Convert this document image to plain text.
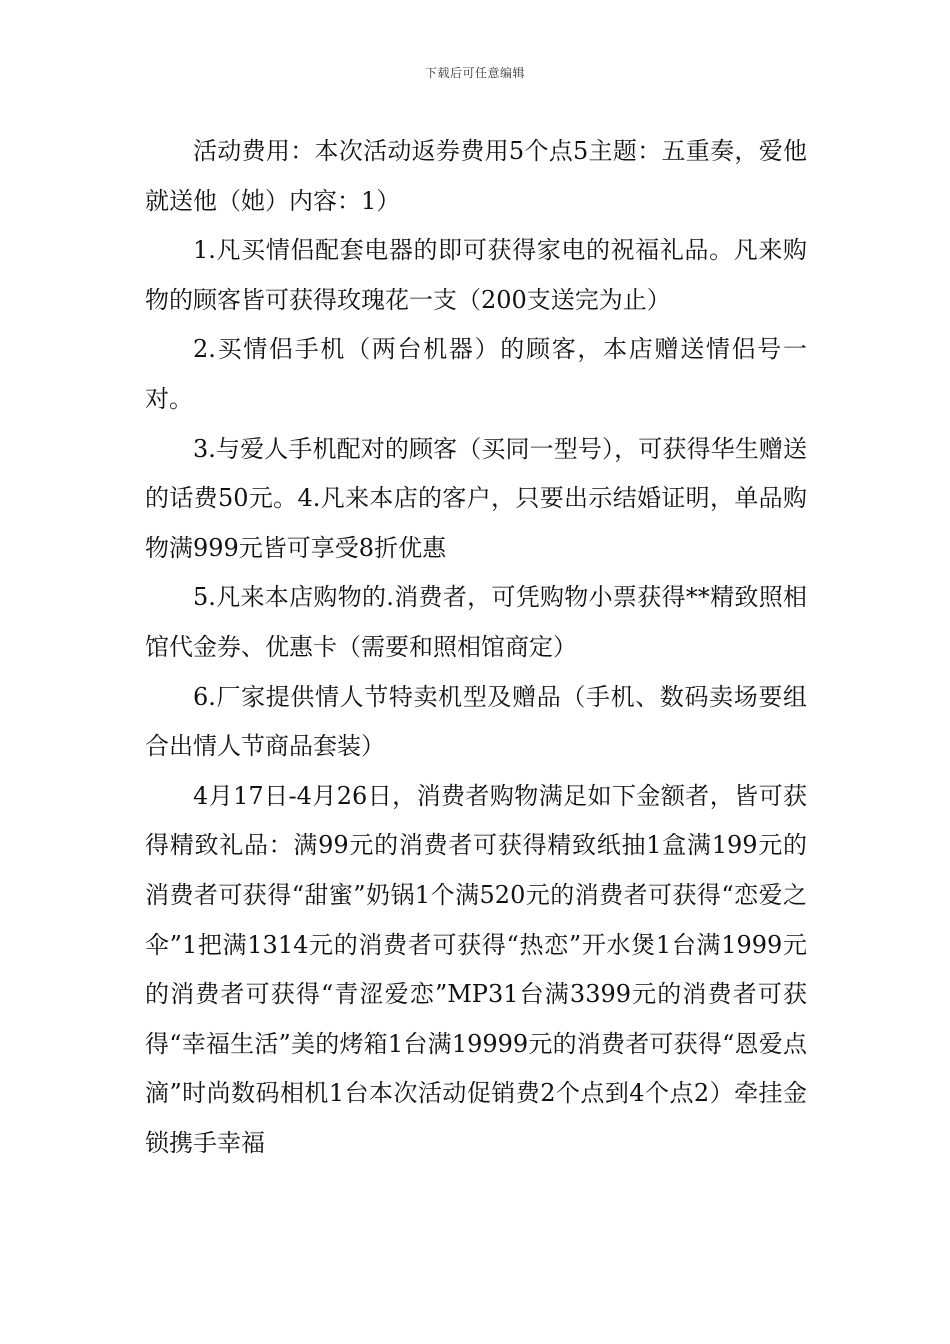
下载后可任意编辑

活动费用：本次活动返券费用5个点5主题：五重奏，爱他就送他（她）内容：1）

1.凡买情侣配套电器的即可获得家电的祝福礼品。凡来购物的顾客皆可获得玫瑰花一支（200支送完为止）

2.买情侣手机（两台机器）的顾客，本店赠送情侣号一对。

3.与爱人手机配对的顾客（买同一型号），可获得华生赠送的话费50元。4.凡来本店的客户，只要出示结婚证明，单品购物满999元皆可享受8折优惠

5.凡来本店购物的.消费者，可凭购物小票获得**精致照相馆代金券、优惠卡（需要和照相馆商定）

6.厂家提供情人节特卖机型及赠品（手机、数码卖场要组合出情人节商品套装）

4月17日-4月26日，消费者购物满足如下金额者，皆可获得精致礼品：满99元的消费者可获得精致纸抽1盒满199元的消费者可获得“甜蜜”奶锅1个满520元的消费者可获得“恋爱之伞”1把满1314元的消费者可获得“热恋”开水煲1台满1999元的消费者可获得“青涩爱恋”MP31台满3399元的消费者可获得“幸福生活”美的烤箱1台满19999元的消费者可获得“恩爱点滴”时尚数码相机1台本次活动促销费2个点到4个点2）牵挂金锁携手幸福
